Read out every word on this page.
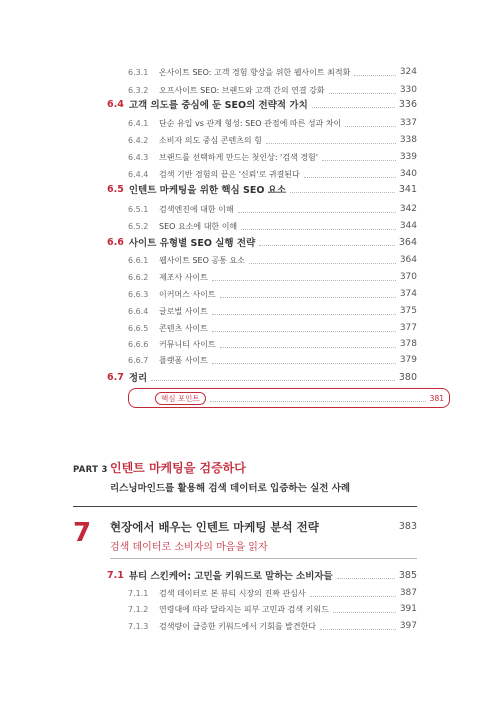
6.3.1	온사이트 SEO: 고객 경험 향상을 위한 웹사이트 최적화	324
6.3.2	오프사이트 SEO: 브랜드와 고객 간의 연결 강화	330
6.4 고객 의도를 중심에 둔 SEO의 전략적 가치	336
6.4.1	단순 유입 vs 관계 형성: SEO 관점에 따른 성과 차이	337
6.4.2	소비자 의도 중심 콘텐츠의 힘	338
6.4.3	브랜드를 선택하게 만드는 첫인상: '검색 경험'	339
6.4.4	검색 기반 경험의 끝은 '신뢰'로 귀결된다	340
6.5 인텐트 마케팅을 위한 핵심 SEO 요소	341
6.5.1	검색엔진에 대한 이해	342
6.5.2	SEO 요소에 대한 이해	344
6.6 사이트 유형별 SEO 실행 전략	364
6.6.1	웹사이트 SEO 공통 요소	364
6.6.2	제조사 사이트	370
6.6.3	이커머스 사이트	374
6.6.4	글로벌 사이트	375
6.6.5	콘텐츠 사이트	377
6.6.6	커뮤니티 사이트	378
6.6.7	플랫폼 사이트	379
6.7 정리	380
핵심 포인트	381
PART 3 인텐트 마케팅을 검증하다
리스닝마인드를 활용해 검색 데이터로 입증하는 실전 사례
7 현장에서 배우는 인텐트 마케팅 분석 전략
검색 데이터로 소비자의 마음을 읽자
383
7.1 뷰티 스킨케어: 고민을 키워드로 말하는 소비자들	385
7.1.1	검색 데이터로 본 뷰티 시장의 진짜 관심사	387
7.1.2	연령대에 따라 달라지는 피부 고민과 검색 키워드	391
7.1.3	검색량이 급증한 키워드에서 기회를 발견한다	397
